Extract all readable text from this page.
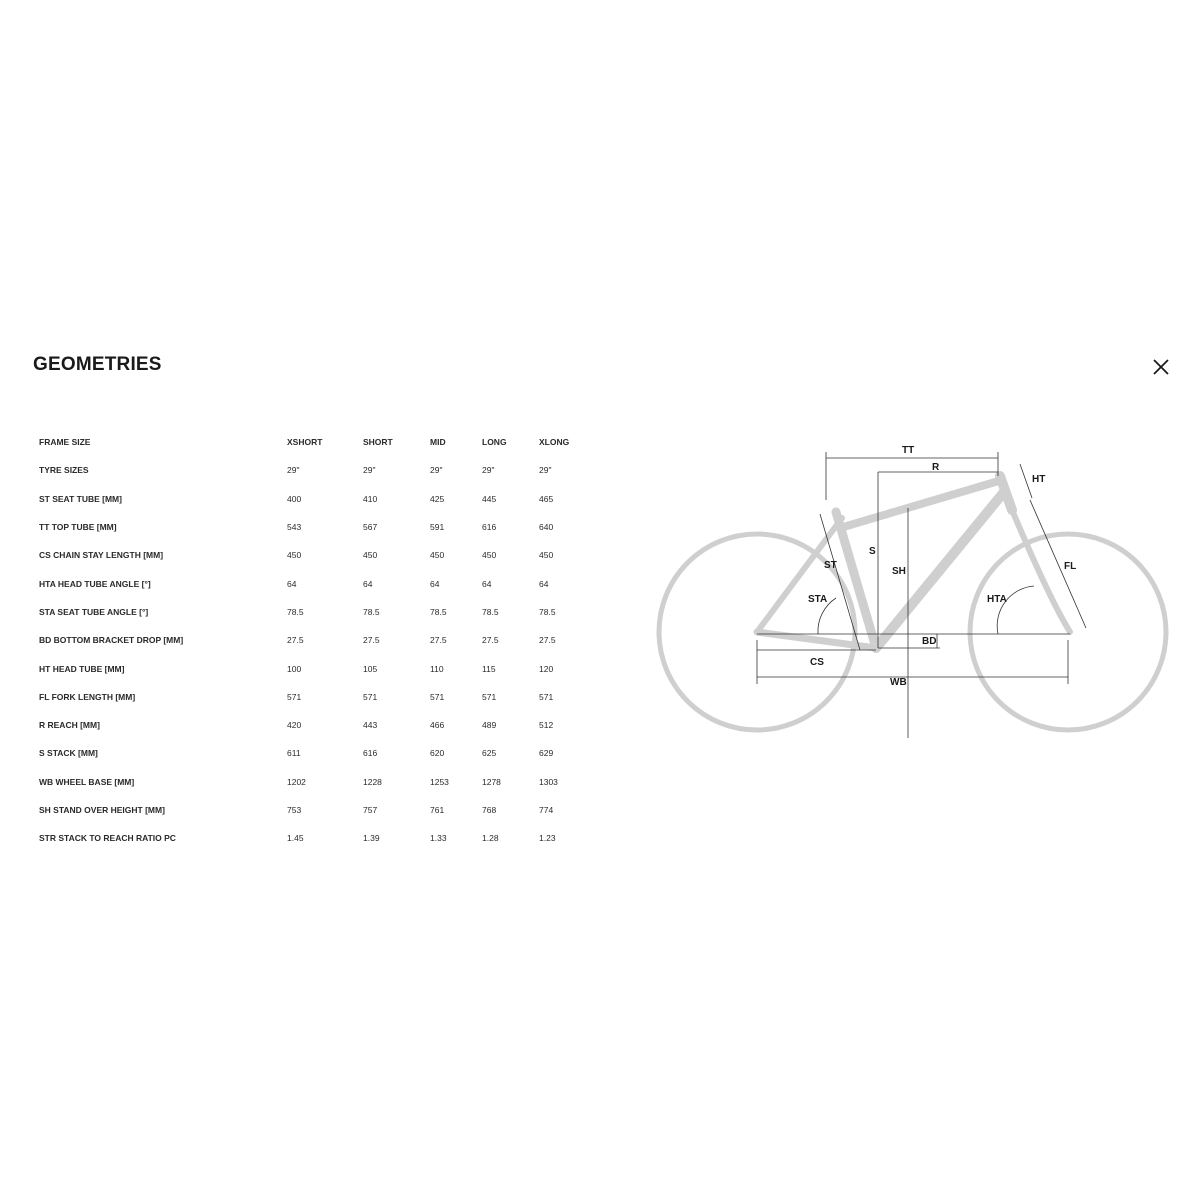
GEOMETRIES
FRAME SIZE	XSHORT	SHORT	MID	LONG	XLONG
TYRE SIZES	29"	29"	29"	29"	29"
ST SEAT TUBE [MM]	400	410	425	445	465
TT TOP TUBE [MM]	543	567	591	616	640
CS CHAIN STAY LENGTH [MM]	450	450	450	450	450
HTA HEAD TUBE ANGLE [°]	64	64	64	64	64
STA SEAT TUBE ANGLE [°]	78.5	78.5	78.5	78.5	78.5
BD BOTTOM BRACKET DROP [MM]	27.5	27.5	27.5	27.5	27.5
HT HEAD TUBE [MM]	100	105	110	115	120
FL FORK LENGTH [MM]	571	571	571	571	571
R REACH [MM]	420	443	466	489	512
S STACK [MM]	611	616	620	625	629
WB WHEEL BASE [MM]	1202	1228	1253	1278	1303
SH STAND OVER HEIGHT [MM]	753	757	761	768	774
STR STACK TO REACH RATIO PC	1.45	1.39	1.33	1.28	1.23
TT
R
HT
S
SH
ST	FL
STA	HTA
BD
CS
WB
